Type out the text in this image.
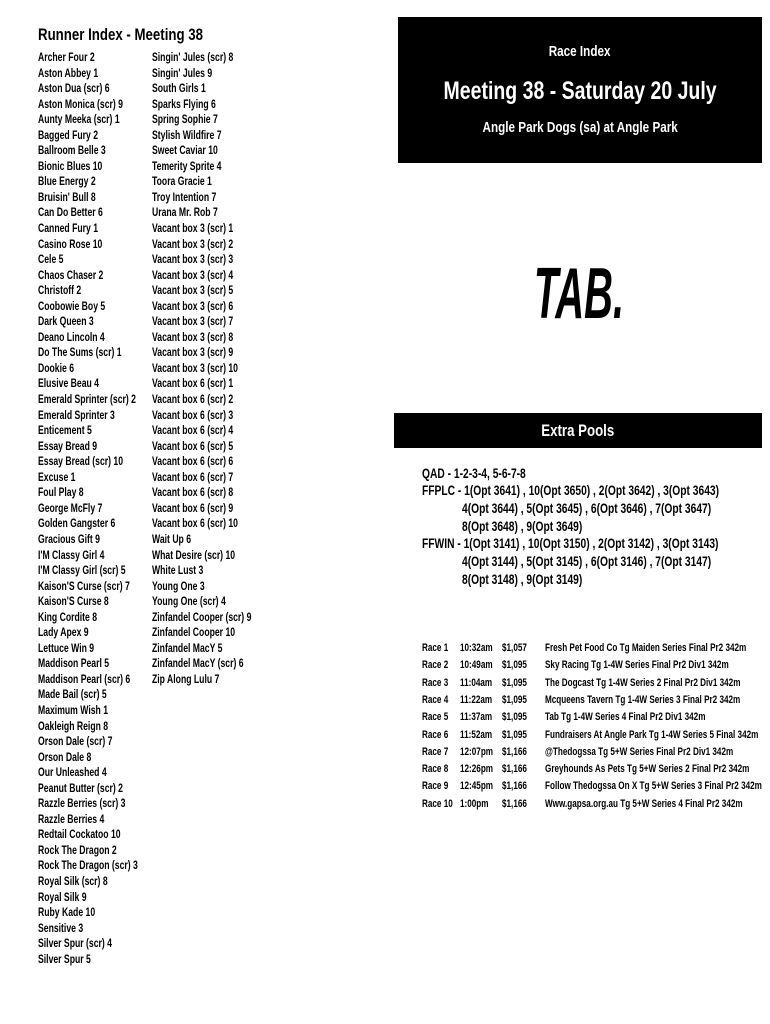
Runner Index - Meeting 38
Archer Four 2
Aston Abbey 1
Aston Dua (scr) 6
Aston Monica (scr) 9
Aunty Meeka (scr) 1
Bagged Fury 2
Ballroom Belle 3
Bionic Blues 10
Blue Energy 2
Bruisin' Bull 8
Can Do Better 6
Canned Fury 1
Casino Rose 10
Cele 5
Chaos Chaser 2
Christoff 2
Coobowie Boy 5
Dark Queen 3
Deano Lincoln 4
Do The Sums (scr) 1
Dookie 6
Elusive Beau 4
Emerald Sprinter (scr) 2
Emerald Sprinter 3
Enticement 5
Essay Bread 9
Essay Bread (scr) 10
Excuse 1
Foul Play 8
George McFly 7
Golden Gangster 6
Gracious Gift 9
I'M Classy Girl 4
I'M Classy Girl (scr) 5
Kaison'S Curse (scr) 7
Kaison'S Curse 8
King Cordite 8
Lady Apex 9
Lettuce Win 9
Maddison Pearl 5
Maddison Pearl (scr) 6
Made Bail (scr) 5
Maximum Wish 1
Oakleigh Reign 8
Orson Dale (scr) 7
Orson Dale 8
Our Unleashed 4
Peanut Butter (scr) 2
Razzle Berries (scr) 3
Razzle Berries 4
Redtail Cockatoo 10
Rock The Dragon 2
Rock The Dragon (scr) 3
Royal Silk (scr) 8
Royal Silk 9
Ruby Kade 10
Sensitive 3
Silver Spur (scr) 4
Silver Spur 5
Singin' Jules (scr) 8
Singin' Jules 9
South Girls 1
Sparks Flying 6
Spring Sophie 7
Stylish Wildfire 7
Sweet Caviar 10
Temerity Sprite 4
Toora Gracie 1
Troy Intention 7
Urana Mr. Rob 7
Vacant box 3 (scr) 1
Vacant box 3 (scr) 2
Vacant box 3 (scr) 3
Vacant box 3 (scr) 4
Vacant box 3 (scr) 5
Vacant box 3 (scr) 6
Vacant box 3 (scr) 7
Vacant box 3 (scr) 8
Vacant box 3 (scr) 9
Vacant box 3 (scr) 10
Vacant box 6 (scr) 1
Vacant box 6 (scr) 2
Vacant box 6 (scr) 3
Vacant box 6 (scr) 4
Vacant box 6 (scr) 5
Vacant box 6 (scr) 6
Vacant box 6 (scr) 7
Vacant box 6 (scr) 8
Vacant box 6 (scr) 9
Vacant box 6 (scr) 10
Wait Up 6
What Desire (scr) 10
White Lust 3
Young One 3
Young One (scr) 4
Zinfandel Cooper (scr) 9
Zinfandel Cooper 10
Zinfandel MacY 5
Zinfandel MacY (scr) 6
Zip Along Lulu 7
Race Index
Meeting 38 - Saturday 20 July
Angle Park Dogs (sa) at Angle Park
TAB.
Extra Pools
QAD - 1-2-3-4, 5-6-7-8
FFPLC - 1(Opt 3641) , 10(Opt 3650) , 2(Opt 3642) , 3(Opt 3643)
4(Opt 3644) , 5(Opt 3645) , 6(Opt 3646) , 7(Opt 3647)
8(Opt 3648) , 9(Opt 3649)
FFWIN - 1(Opt 3141) , 10(Opt 3150) , 2(Opt 3142) , 3(Opt 3143)
4(Opt 3144) , 5(Opt 3145) , 6(Opt 3146) , 7(Opt 3147)
8(Opt 3148) , 9(Opt 3149)
Race 1 10:32am $1,057 Fresh Pet Food Co Tg Maiden Series Final Pr2 342m
Race 2 10:49am $1,095 Sky Racing Tg 1-4W Series Final Pr2 Div1 342m
Race 3 11:04am $1,095 The Dogcast Tg 1-4W Series 2 Final Pr2 Div1 342m
Race 4 11:22am $1,095 Mcqueens Tavern Tg 1-4W Series 3 Final Pr2 342m
Race 5 11:37am $1,095 Tab Tg 1-4W Series 4 Final Pr2 Div1 342m
Race 6 11:52am $1,095 Fundraisers At Angle Park Tg 1-4W Series 5 Final 342m
Race 7 12:07pm $1,166 @Thedogssa Tg 5+W Series Final Pr2 Div1 342m
Race 8 12:26pm $1,166 Greyhounds As Pets Tg 5+W Series 2 Final Pr2 342m
Race 9 12:45pm $1,166 Follow Thedogssa On X Tg 5+W Series 3 Final Pr2 342m
Race 10 1:00pm $1,166 Www.gapsa.org.au Tg 5+W Series 4 Final Pr2 342m
